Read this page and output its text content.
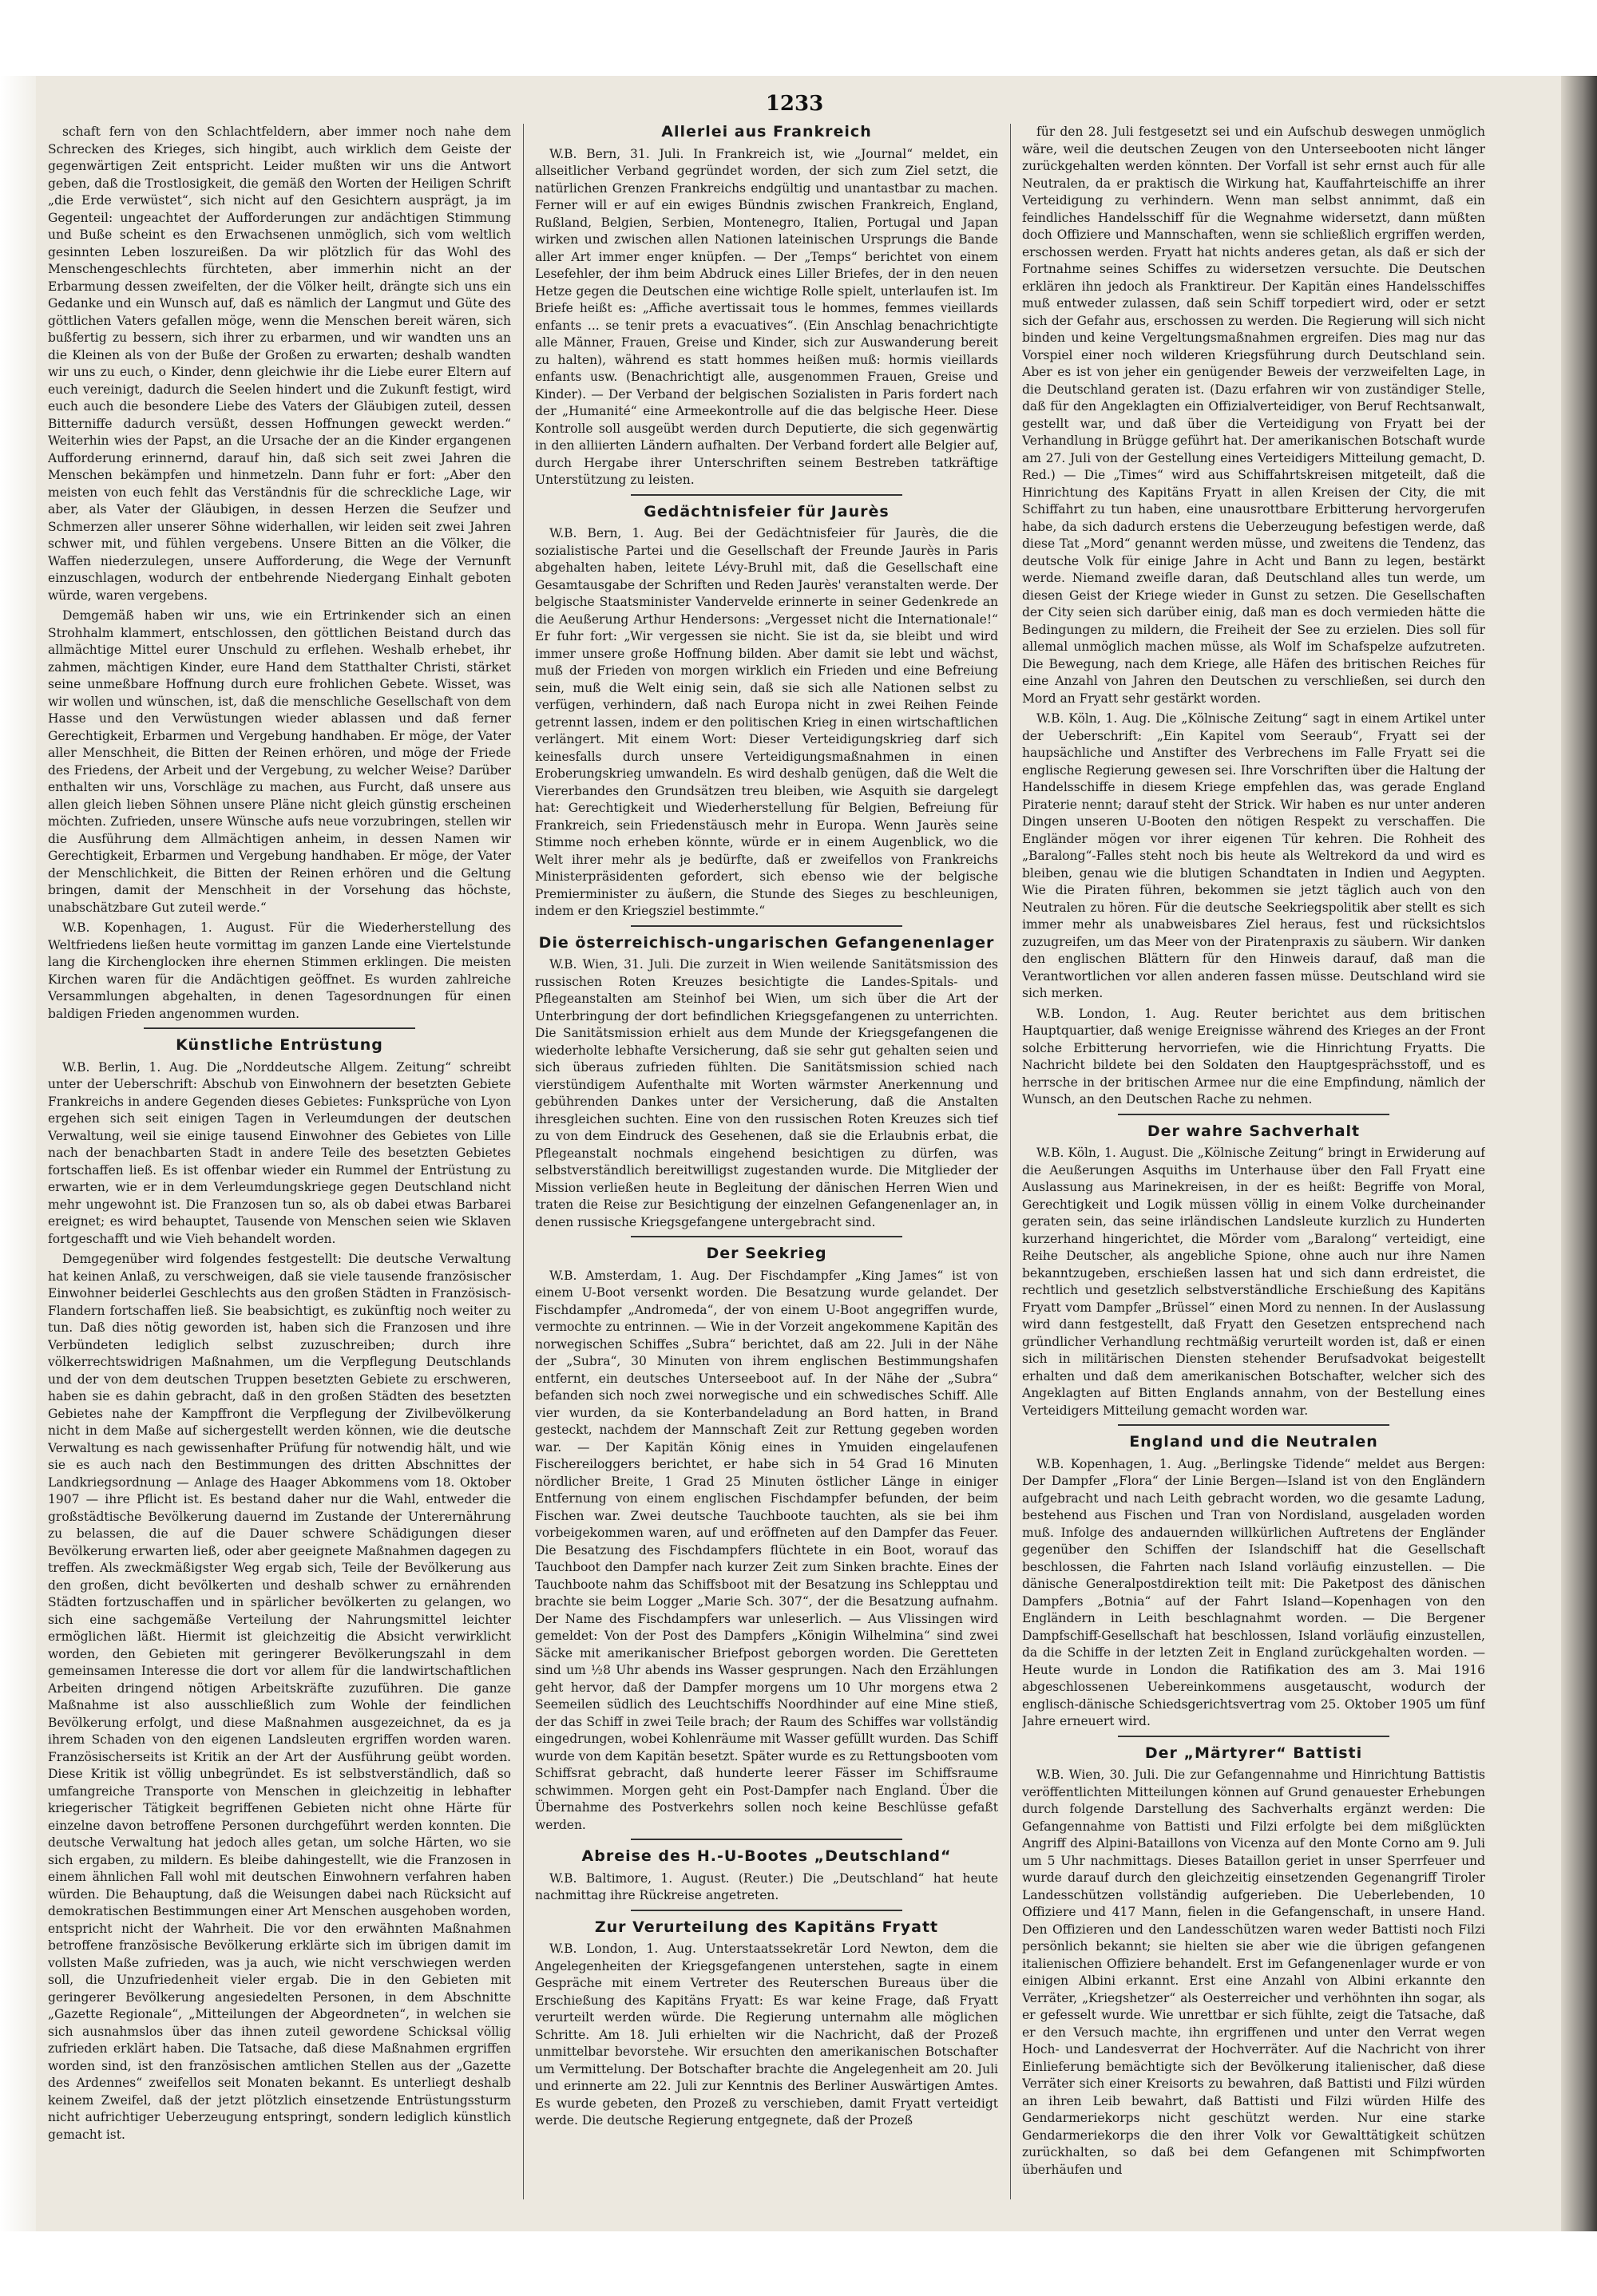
1233

schaft fern von den Schlachtfeldern, aber immer noch nahe dem Schrecken des Krieges, sich hingibt, auch wirklich dem Geiste der gegenwärtigen Zeit entspricht. Leider mußten wir uns die Antwort geben, daß die Trostlosigkeit, die gemäß den Worten der Heiligen Schrift „die Erde verwüstet“, sich nicht auf den Gesichtern ausprägt, ja im Gegenteil: ungeachtet der Aufforderungen zur andächtigen Stimmung und Buße scheint es den Erwachsenen unmöglich, sich vom weltlich gesinnten Leben loszureißen. Da wir plötzlich für das Wohl des Menschengeschlechts fürchteten, aber immerhin nicht an der Erbarmung dessen zweifelten, der die Völker heilt, drängte sich uns ein Gedanke und ein Wunsch auf, daß es nämlich der Langmut und Güte des göttlichen Vaters gefallen möge, wenn die Menschen bereit wären, sich bußfertig zu bessern, sich ihrer zu erbarmen, und wir wandten uns an die Kleinen als von der Buße der Großen zu erwarten; deshalb wandten wir uns zu euch, o Kinder, denn gleichwie ihr die Liebe eurer Eltern auf euch vereinigt, dadurch die Seelen hindert und die Zukunft festigt, wird euch auch die besondere Liebe des Vaters der Gläubigen zuteil, dessen Bitterniffe dadurch versüßt, dessen Hoffnungen geweckt werden.“ Weiterhin wies der Papst, an die Ursache der an die Kinder ergangenen Aufforderung erinnernd, darauf hin, daß sich seit zwei Jahren die Menschen bekämpfen und hinmetzeln. Dann fuhr er fort: „Aber den meisten von euch fehlt das Verständnis für die schreckliche Lage, wir aber, als Vater der Gläubigen, in dessen Herzen die Seufzer und Schmerzen aller unserer Söhne widerhallen, wir leiden seit zwei Jahren schwer mit, und fühlen vergebens. Unsere Bitten an die Völker, die Waffen niederzulegen, unsere Aufforderung, die Wege der Vernunft einzuschlagen, wodurch der entbehrende Niedergang Einhalt geboten würde, waren vergebens.

Demgemäß haben wir uns, wie ein Ertrinkender sich an einen Strohhalm klammert, entschlossen, den göttlichen Beistand durch das allmächtige Mittel eurer Unschuld zu erflehen. Weshalb erhebet, ihr zahmen, mächtigen Kinder, eure Hand dem Statthalter Christi, stärket seine unmeßbare Hoffnung durch eure frohlichen Gebete. Wisset, was wir wollen und wünschen, ist, daß die menschliche Gesellschaft von dem Hasse und den Verwüstungen wieder ablassen und daß ferner Gerechtigkeit, Erbarmen und Vergebung handhaben. Er möge, der Vater aller Menschheit, die Bitten der Reinen erhören, und möge der Friede des Friedens, der Arbeit und der Vergebung, zu welcher Weise? Darüber enthalten wir uns, Vorschläge zu machen, aus Furcht, daß unsere aus allen gleich lieben Söhnen unsere Pläne nicht gleich günstig erscheinen möchten. Zufrieden, unsere Wünsche aufs neue vorzubringen, stellen wir die Ausführung dem Allmächtigen anheim, in dessen Namen wir Gerechtigkeit, Erbarmen und Vergebung handhaben. Er möge, der Vater der Menschlichkeit, die Bitten der Reinen erhören und die Geltung bringen, damit der Menschheit in der Vorsehung das höchste, unabschätzbare Gut zuteil werde.“

W.B. Kopenhagen, 1. August. Für die Wiederherstellung des Weltfriedens ließen heute vormittag im ganzen Lande eine Viertelstunde lang die Kirchenglocken ihre ehernen Stimmen erklingen. Die meisten Kirchen waren für die Andächtigen geöffnet. Es wurden zahlreiche Versammlungen abgehalten, in denen Tagesordnungen für einen baldigen Frieden angenommen wurden.

Künstliche Entrüstung

W.B. Berlin, 1. Aug. Die „Norddeutsche Allgem. Zeitung“ schreibt unter der Ueberschrift: Abschub von Einwohnern der besetzten Gebiete Frankreichs in andere Gegenden dieses Gebietes: Funksprüche von Lyon ergehen sich seit einigen Tagen in Verleumdungen der deutschen Verwaltung, weil sie einige tausend Einwohner des Gebietes von Lille nach der benachbarten Stadt in andere Teile des besetzten Gebietes fortschaffen ließ. Es ist offenbar wieder ein Rummel der Entrüstung zu erwarten, wie er in dem Verleumdungskriege gegen Deutschland nicht mehr ungewohnt ist. Die Franzosen tun so, als ob dabei etwas Barbarei ereignet; es wird behauptet, Tausende von Menschen seien wie Sklaven fortgeschafft und wie Vieh behandelt worden.

Demgegenüber wird folgendes festgestellt: Die deutsche Verwaltung hat keinen Anlaß, zu verschweigen, daß sie viele tausende französischer Einwohner beiderlei Geschlechts aus den großen Städten in Französisch-Flandern fortschaffen ließ. Sie beabsichtigt, es zukünftig noch weiter zu tun. Daß dies nötig geworden ist, haben sich die Franzosen und ihre Verbündeten lediglich selbst zuzuschreiben; durch ihre völkerrechtswidrigen Maßnahmen, um die Verpflegung Deutschlands und der von dem deutschen Truppen besetzten Gebiete zu erschweren, haben sie es dahin gebracht, daß in den großen Städten des besetzten Gebietes nahe der Kampffront die Verpflegung der Zivilbevölkerung nicht in dem Maße auf sichergestellt werden können, wie die deutsche Verwaltung es nach gewissenhafter Prüfung für notwendig hält, und wie sie es auch nach den Bestimmungen des dritten Abschnittes der Landkriegsordnung — Anlage des Haager Abkommens vom 18. Oktober 1907 — ihre Pflicht ist. Es bestand daher nur die Wahl, entweder die großstädtische Bevölkerung dauernd im Zustande der Unterernährung zu belassen, die auf die Dauer schwere Schädigungen dieser Bevölkerung erwarten ließ, oder aber geeignete Maßnahmen dagegen zu treffen. Als zweckmäßigster Weg ergab sich, Teile der Bevölkerung aus den großen, dicht bevölkerten und deshalb schwer zu ernährenden Städten fortzuschaffen und in spärlicher bevölkerten zu gelangen, wo sich eine sachgemäße Verteilung der Nahrungsmittel leichter ermöglichen läßt. Hiermit ist gleichzeitig die Absicht verwirklicht worden, den Gebieten mit geringerer Bevölkerungszahl in dem gemeinsamen Interesse die dort vor allem für die landwirtschaftlichen Arbeiten dringend nötigen Arbeitskräfte zuzuführen. Die ganze Maßnahme ist also ausschließlich zum Wohle der feindlichen Bevölkerung erfolgt, und diese Maßnahmen ausgezeichnet, da es ja ihrem Schaden von den eigenen Landsleuten ergriffen worden waren. Französischerseits ist Kritik an der Art der Ausführung geübt worden. Diese Kritik ist völlig unbegründet. Es ist selbstverständlich, daß so umfangreiche Transporte von Menschen in gleichzeitig in lebhafter kriegerischer Tätigkeit begriffenen Gebieten nicht ohne Härte für einzelne davon betroffene Personen durchgeführt werden konnten. Die deutsche Verwaltung hat jedoch alles getan, um solche Härten, wo sie sich ergaben, zu mildern. Es bleibe dahingestellt, wie die Franzosen in einem ähnlichen Fall wohl mit deutschen Einwohnern verfahren haben würden. Die Behauptung, daß die Weisungen dabei nach Rücksicht auf demokratischen Bestimmungen einer Art Menschen ausgehoben worden, entspricht nicht der Wahrheit. Die vor den erwähnten Maßnahmen betroffene französische Bevölkerung erklärte sich im übrigen damit im vollsten Maße zufrieden, was ja auch, wie nicht verschwiegen werden soll, die Unzufriedenheit vieler ergab. Die in den Gebieten mit geringerer Bevölkerung angesiedelten Personen, in dem Abschnitte „Gazette Regionale“, „Mitteilungen der Abgeordneten“, in welchen sie sich ausnahmslos über das ihnen zuteil gewordene Schicksal völlig zufrieden erklärt haben. Die Tatsache, daß diese Maßnahmen ergriffen worden sind, ist den französischen amtlichen Stellen aus der „Gazette des Ardennes“ zweifellos seit Monaten bekannt. Es unterliegt deshalb keinem Zweifel, daß der jetzt plötzlich einsetzende Entrüstungssturm nicht aufrichtiger Ueberzeugung entspringt, sondern lediglich künstlich gemacht ist.

Allerlei aus Frankreich

W.B. Bern, 31. Juli. In Frankreich ist, wie „Journal“ meldet, ein allseitlicher Verband gegründet worden, der sich zum Ziel setzt, die natürlichen Grenzen Frankreichs endgültig und unantastbar zu machen. Ferner will er auf ein ewiges Bündnis zwischen Frankreich, England, Rußland, Belgien, Serbien, Montenegro, Italien, Portugal und Japan wirken und zwischen allen Nationen lateinischen Ursprungs die Bande aller Art immer enger knüpfen. — Der „Temps“ berichtet von einem Lesefehler, der ihm beim Abdruck eines Liller Briefes, der in den neuen Hetze gegen die Deutschen eine wichtige Rolle spielt, unterlaufen ist. Im Briefe heißt es: „Affiche avertissait tous le hommes, femmes vieillards enfants ... se tenir prets a evacuatives“. (Ein Anschlag benachrichtigte alle Männer, Frauen, Greise und Kinder, sich zur Auswanderung bereit zu halten), während es statt hommes heißen muß: hormis vieillards enfants usw. (Benachrichtigt alle, ausgenommen Frauen, Greise und Kinder). — Der Verband der belgischen Sozialisten in Paris fordert nach der „Humanité“ eine Armeekontrolle auf die das belgische Heer. Diese Kontrolle soll ausgeübt werden durch Deputierte, die sich gegenwärtig in den alliierten Ländern aufhalten. Der Verband fordert alle Belgier auf, durch Hergabe ihrer Unterschriften seinem Bestreben tatkräftige Unterstützung zu leisten.

Gedächtnisfeier für Jaurès

W.B. Bern, 1. Aug. Bei der Gedächtnisfeier für Jaurès, die die sozialistische Partei und die Gesellschaft der Freunde Jaurès in Paris abgehalten haben, leitete Lévy-Bruhl mit, daß die Gesellschaft eine Gesamtausgabe der Schriften und Reden Jaurès' veranstalten werde. Der belgische Staatsminister Vandervelde erinnerte in seiner Gedenkrede an die Aeußerung Arthur Hendersons: „Vergesset nicht die Internationale!“ Er fuhr fort: „Wir vergessen sie nicht. Sie ist da, sie bleibt und wird immer unsere große Hoffnung bilden. Aber damit sie lebt und wächst, muß der Frieden von morgen wirklich ein Frieden und eine Befreiung sein, muß die Welt einig sein, daß sie sich alle Nationen selbst zu verfügen, verhindern, daß nach Europa nicht in zwei Reihen Feinde getrennt lassen, indem er den politischen Krieg in einen wirtschaftlichen verlängert. Mit einem Wort: Dieser Verteidigungskrieg darf sich keinesfalls durch unsere Verteidigungsmaßnahmen in einen Eroberungskrieg umwandeln. Es wird deshalb genügen, daß die Welt die Viererbandes den Grundsätzen treu bleiben, wie Asquith sie dargelegt hat: Gerechtigkeit und Wiederherstellung für Belgien, Befreiung für Frankreich, sein Friedenstäusch mehr in Europa. Wenn Jaurès seine Stimme noch erheben könnte, würde er in einem Augenblick, wo die Welt ihrer mehr als je bedürfte, daß er zweifellos von Frankreichs Ministerpräsidenten gefordert, sich ebenso wie der belgische Premierminister zu äußern, die Stunde des Sieges zu beschleunigen, indem er den Kriegsziel bestimmte.“

Die österreichisch-ungarischen Gefangenenlager

W.B. Wien, 31. Juli. Die zurzeit in Wien weilende Sanitätsmission des russischen Roten Kreuzes besichtigte die Landes-Spitals- und Pflegeanstalten am Steinhof bei Wien, um sich über die Art der Unterbringung der dort befindlichen Kriegsgefangenen zu unterrichten. Die Sanitätsmission erhielt aus dem Munde der Kriegsgefangenen die wiederholte lebhafte Versicherung, daß sie sehr gut gehalten seien und sich überaus zufrieden fühlten. Die Sanitätsmission schied nach vierstündigem Aufenthalte mit Worten wärmster Anerkennung und gebührenden Dankes unter der Versicherung, daß die Anstalten ihresgleichen suchten. Eine von den russischen Roten Kreuzes sich tief zu von dem Eindruck des Gesehenen, daß sie die Erlaubnis erbat, die Pflegeanstalt nochmals eingehend besichtigen zu dürfen, was selbstverständlich bereitwilligst zugestanden wurde. Die Mitglieder der Mission verließen heute in Begleitung der dänischen Herren Wien und traten die Reise zur Besichtigung der einzelnen Gefangenenlager an, in denen russische Kriegsgefangene untergebracht sind.

Der Seekrieg

W.B. Amsterdam, 1. Aug. Der Fischdampfer „King James“ ist von einem U-Boot versenkt worden. Die Besatzung wurde gelandet. Der Fischdampfer „Andromeda“, der von einem U-Boot angegriffen wurde, vermochte zu entrinnen. — Wie in der Vorzeit angekommene Kapitän des norwegischen Schiffes „Subra“ berichtet, daß am 22. Juli in der Nähe der „Subra“, 30 Minuten von ihrem englischen Bestimmungshafen entfernt, ein deutsches Unterseeboot auf. In der Nähe der „Subra“ befanden sich noch zwei norwegische und ein schwedisches Schiff. Alle vier wurden, da sie Konterbandeladung an Bord hatten, in Brand gesteckt, nachdem der Mannschaft Zeit zur Rettung gegeben worden war. — Der Kapitän König eines in Ymuiden eingelaufenen Fischereiloggers berichtet, er habe sich in 54 Grad 16 Minuten nördlicher Breite, 1 Grad 25 Minuten östlicher Länge in einiger Entfernung von einem englischen Fischdampfer befunden, der beim Fischen war. Zwei deutsche Tauchboote tauchten, als sie bei ihm vorbeigekommen waren, auf und eröffneten auf den Dampfer das Feuer. Die Besatzung des Fischdampfers flüchtete in ein Boot, worauf das Tauchboot den Dampfer nach kurzer Zeit zum Sinken brachte. Eines der Tauchboote nahm das Schiffsboot mit der Besatzung ins Schlepptau und brachte sie beim Logger „Marie Sch. 307“, der die Besatzung aufnahm. Der Name des Fischdampfers war unleserlich. — Aus Vlissingen wird gemeldet: Von der Post des Dampfers „Königin Wilhelmina“ sind zwei Säcke mit amerikanischer Briefpost geborgen worden. Die Geretteten sind um ½8 Uhr abends ins Wasser gesprungen. Nach den Erzählungen geht hervor, daß der Dampfer morgens um 10 Uhr morgens etwa 2 Seemeilen südlich des Leuchtschiffs Noordhinder auf eine Mine stieß, der das Schiff in zwei Teile brach; der Raum des Schiffes war vollständig eingedrungen, wobei Kohlenräume mit Wasser gefüllt wurden. Das Schiff wurde von dem Kapitän besetzt. Später wurde es zu Rettungsbooten vom Schiffsrat gebracht, daß hunderte leerer Fässer im Schiffsraume schwimmen. Morgen geht ein Post-Dampfer nach England. Über die Übernahme des Postverkehrs sollen noch keine Beschlüsse gefaßt werden.

Abreise des H.-U-Bootes „Deutschland“

W.B. Baltimore, 1. August. (Reuter.) Die „Deutschland“ hat heute nachmittag ihre Rückreise angetreten.

Zur Verurteilung des Kapitäns Fryatt

W.B. London, 1. Aug. Unterstaatssekretär Lord Newton, dem die Angelegenheiten der Kriegsgefangenen unterstehen, sagte in einem Gespräche mit einem Vertreter des Reuterschen Bureaus über die Erschießung des Kapitäns Fryatt: Es war keine Frage, daß Fryatt verurteilt werden würde. Die Regierung unternahm alle möglichen Schritte. Am 18. Juli erhielten wir die Nachricht, daß der Prozeß unmittelbar bevorstehe. Wir ersuchten den amerikanischen Botschafter um Vermittelung. Der Botschafter brachte die Angelegenheit am 20. Juli und erinnerte am 22. Juli zur Kenntnis des Berliner Auswärtigen Amtes. Es wurde gebeten, den Prozeß zu verschieben, damit Fryatt verteidigt werde. Die deutsche Regierung entgegnete, daß der Prozeß

für den 28. Juli festgesetzt sei und ein Aufschub deswegen unmöglich wäre, weil die deutschen Zeugen von den Unterseebooten nicht länger zurückgehalten werden könnten. Der Vorfall ist sehr ernst auch für alle Neutralen, da er praktisch die Wirkung hat, Kauffahrteischiffe an ihrer Verteidigung zu verhindern. Wenn man selbst annimmt, daß ein feindliches Handelsschiff für die Wegnahme widersetzt, dann müßten doch Offiziere und Mannschaften, wenn sie schließlich ergriffen werden, erschossen werden. Fryatt hat nichts anderes getan, als daß er sich der Fortnahme seines Schiffes zu widersetzen versuchte. Die Deutschen erklären ihn jedoch als Franktireur. Der Kapitän eines Handelsschiffes muß entweder zulassen, daß sein Schiff torpediert wird, oder er setzt sich der Gefahr aus, erschossen zu werden. Die Regierung will sich nicht binden und keine Vergeltungsmaßnahmen ergreifen. Dies mag nur das Vorspiel einer noch wilderen Kriegsführung durch Deutschland sein. Aber es ist von jeher ein genügender Beweis der verzweifelten Lage, in die Deutschland geraten ist. (Dazu erfahren wir von zuständiger Stelle, daß für den Angeklagten ein Offizialverteidiger, von Beruf Rechtsanwalt, gestellt war, und daß über die Verteidigung von Fryatt bei der Verhandlung in Brügge geführt hat. Der amerikanischen Botschaft wurde am 27. Juli von der Gestellung eines Verteidigers Mitteilung gemacht, D. Red.) — Die „Times“ wird aus Schiffahrtskreisen mitgeteilt, daß die Hinrichtung des Kapitäns Fryatt in allen Kreisen der City, die mit Schiffahrt zu tun haben, eine unausrottbare Erbitterung hervorgerufen habe, da sich dadurch erstens die Ueberzeugung befestigen werde, daß diese Tat „Mord“ genannt werden müsse, und zweitens die Tendenz, das deutsche Volk für einige Jahre in Acht und Bann zu legen, bestärkt werde. Niemand zweifle daran, daß Deutschland alles tun werde, um diesen Geist der Kriege wieder in Gunst zu setzen. Die Gesellschaften der City seien sich darüber einig, daß man es doch vermieden hätte die Bedingungen zu mildern, die Freiheit der See zu erzielen. Dies soll für allemal unmöglich machen müsse, als Wolf im Schafspelze aufzutreten. Die Bewegung, nach dem Kriege, alle Häfen des britischen Reiches für eine Anzahl von Jahren den Deutschen zu verschließen, sei durch den Mord an Fryatt sehr gestärkt worden.

W.B. Köln, 1. Aug. Die „Kölnische Zeitung“ sagt in einem Artikel unter der Ueberschrift: „Ein Kapitel vom Seeraub“, Fryatt sei der haupsächliche und Anstifter des Verbrechens im Falle Fryatt sei die englische Regierung gewesen sei. Ihre Vorschriften über die Haltung der Handelsschiffe in diesem Kriege empfehlen das, was gerade England Piraterie nennt; darauf steht der Strick. Wir haben es nur unter anderen Dingen unseren U-Booten den nötigen Respekt zu verschaffen. Die Engländer mögen vor ihrer eigenen Tür kehren. Die Rohheit des „Baralong“-Falles steht noch bis heute als Weltrekord da und wird es bleiben, genau wie die blutigen Schandtaten in Indien und Aegypten. Wie die Piraten führen, bekommen sie jetzt täglich auch von den Neutralen zu hören. Für die deutsche Seekriegspolitik aber stellt es sich immer mehr als unabweisbares Ziel heraus, fest und rücksichtslos zuzugreifen, um das Meer von der Piratenpraxis zu säubern. Wir danken den englischen Blättern für den Hinweis darauf, daß man die Verantwortlichen vor allen anderen fassen müsse. Deutschland wird sie sich merken.

W.B. London, 1. Aug. Reuter berichtet aus dem britischen Hauptquartier, daß wenige Ereignisse während des Krieges an der Front solche Erbitterung hervorriefen, wie die Hinrichtung Fryatts. Die Nachricht bildete bei den Soldaten den Hauptgesprächsstoff, und es herrsche in der britischen Armee nur die eine Empfindung, nämlich der Wunsch, an den Deutschen Rache zu nehmen.

Der wahre Sachverhalt

W.B. Köln, 1. August. Die „Kölnische Zeitung“ bringt in Erwiderung auf die Aeußerungen Asquiths im Unterhause über den Fall Fryatt eine Auslassung aus Marinekreisen, in der es heißt: Begriffe von Moral, Gerechtigkeit und Logik müssen völlig in einem Volke durcheinander geraten sein, das seine irländischen Landsleute kurzlich zu Hunderten kurzerhand hingerichtet, die Mörder vom „Baralong“ verteidigt, eine Reihe Deutscher, als angebliche Spione, ohne auch nur ihre Namen bekanntzugeben, erschießen lassen hat und sich dann erdreistet, die rechtlich und gesetzlich selbstverständliche Erschießung des Kapitäns Fryatt vom Dampfer „Brüssel“ einen Mord zu nennen. In der Auslassung wird dann festgestellt, daß Fryatt den Gesetzen entsprechend nach gründlicher Verhandlung rechtmäßig verurteilt worden ist, daß er einen sich in militärischen Diensten stehender Berufsadvokat beigestellt erhalten und daß dem amerikanischen Botschafter, welcher sich des Angeklagten auf Bitten Englands annahm, von der Bestellung eines Verteidigers Mitteilung gemacht worden war.

England und die Neutralen

W.B. Kopenhagen, 1. Aug. „Berlingske Tidende“ meldet aus Bergen: Der Dampfer „Flora“ der Linie Bergen—Island ist von den Engländern aufgebracht und nach Leith gebracht worden, wo die gesamte Ladung, bestehend aus Fischen und Tran von Nordisland, ausgeladen worden muß. Infolge des andauernden willkürlichen Auftretens der Engländer gegenüber den Schiffen der Islandschiff hat die Gesellschaft beschlossen, die Fahrten nach Island vorläufig einzustellen. — Die dänische Generalpostdirektion teilt mit: Die Paketpost des dänischen Dampfers „Botnia“ auf der Fahrt Island—Kopenhagen von den Engländern in Leith beschlagnahmt worden. — Die Bergener Dampfschiff-Gesellschaft hat beschlossen, Island vorläufig einzustellen, da die Schiffe in der letzten Zeit in England zurückgehalten worden. — Heute wurde in London die Ratifikation des am 3. Mai 1916 abgeschlossenen Uebereinkommens ausgetauscht, wodurch der englisch-dänische Schiedsgerichtsvertrag vom 25. Oktober 1905 um fünf Jahre erneuert wird.

Der „Märtyrer“ Battisti

W.B. Wien, 30. Juli. Die zur Gefangennahme und Hinrichtung Battistis veröffentlichten Mitteilungen können auf Grund genauester Erhebungen durch folgende Darstellung des Sachverhalts ergänzt werden: Die Gefangennahme von Battisti und Filzi erfolgte bei dem mißglückten Angriff des Alpini-Bataillons von Vicenza auf den Monte Corno am 9. Juli um 5 Uhr nachmittags. Dieses Bataillon geriet in unser Sperrfeuer und wurde darauf durch den gleichzeitig einsetzenden Gegenangriff Tiroler Landesschützen vollständig aufgerieben. Die Ueberlebenden, 10 Offiziere und 417 Mann, fielen in die Gefangenschaft, in unsere Hand. Den Offizieren und den Landesschützen waren weder Battisti noch Filzi persönlich bekannt; sie hielten sie aber wie die übrigen gefangenen italienischen Offiziere behandelt. Erst im Gefangenenlager wurde er von einigen Albini erkannt. Erst eine Anzahl von Albini erkannte den Verräter, „Kriegshetzer“ als Oesterreicher und verhöhnten ihn sogar, als er gefesselt wurde. Wie unrettbar er sich fühlte, zeigt die Tatsache, daß er den Versuch machte, ihn ergriffenen und unter den Verrat wegen Hoch- und Landesverrat der Hochverräter. Auf die Nachricht von ihrer Einlieferung bemächtigte sich der Bevölkerung italienischer, daß diese Verräter sich einer Kreisorts zu bewahren, daß Battisti und Filzi würden an ihren Leib bewahrt, daß Battisti und Filzi würden Hilfe des Gendarmeriekorps nicht geschützt werden. Nur eine starke Gendarmeriekorps die den ihrer Volk vor Gewalttätigkeit schützen zurückhalten, so daß bei dem Gefangenen mit Schimpfworten überhäufen und
